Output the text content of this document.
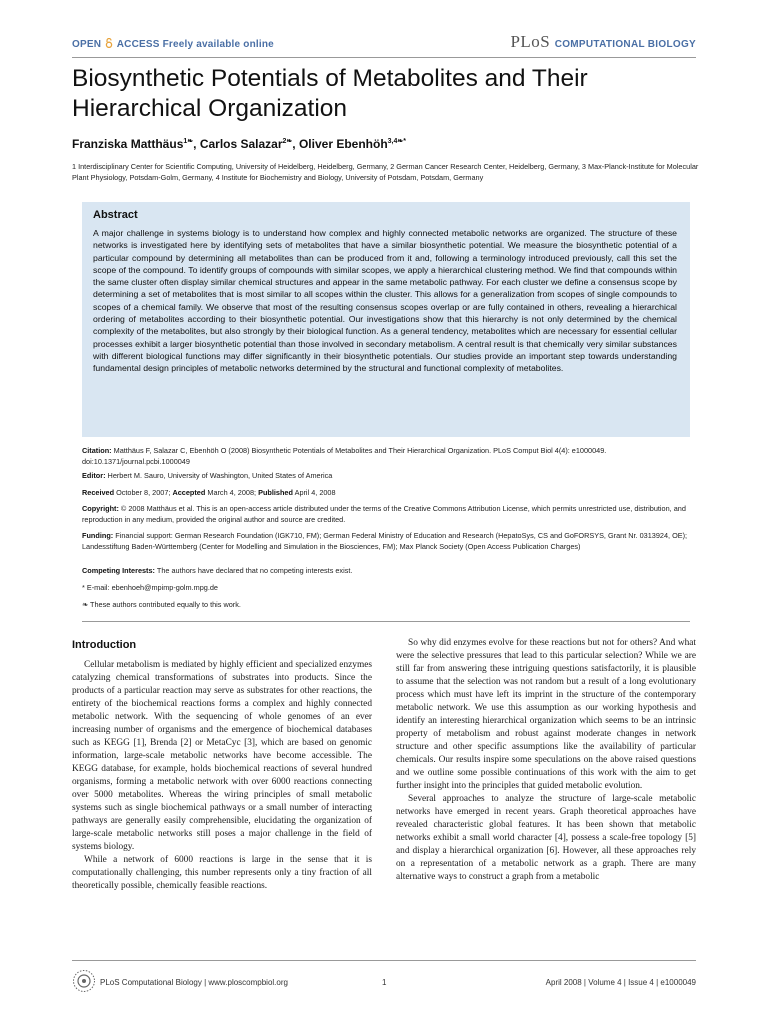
OPEN ACCESS Freely available online	PLoS COMPUTATIONAL BIOLOGY
Biosynthetic Potentials of Metabolites and Their Hierarchical Organization
Franziska Matthäus$^{1❧}$, Carlos Salazar$^{2❧}$, Oliver Ebenhöh$^{3,4❧*}$
1 Interdisciplinary Center for Scientific Computing, University of Heidelberg, Heidelberg, Germany, 2 German Cancer Research Center, Heidelberg, Germany, 3 Max-Planck-Institute for Molecular Plant Physiology, Potsdam-Golm, Germany, 4 Institute for Biochemistry and Biology, University of Potsdam, Potsdam, Germany
Abstract
A major challenge in systems biology is to understand how complex and highly connected metabolic networks are organized. The structure of these networks is investigated here by identifying sets of metabolites that have a similar biosynthetic potential. We measure the biosynthetic potential of a particular compound by determining all metabolites than can be produced from it and, following a terminology introduced previously, call this set the scope of the compound. To identify groups of compounds with similar scopes, we apply a hierarchical clustering method. We find that compounds within the same cluster often display similar chemical structures and appear in the same metabolic pathway. For each cluster we define a consensus scope by determining a set of metabolites that is most similar to all scopes within the cluster. This allows for a generalization from scopes of single compounds to scopes of a chemical family. We observe that most of the resulting consensus scopes overlap or are fully contained in others, revealing a hierarchical ordering of metabolites according to their biosynthetic potential. Our investigations show that this hierarchy is not only determined by the chemical complexity of the metabolites, but also strongly by their biological function. As a general tendency, metabolites which are necessary for essential cellular processes exhibit a larger biosynthetic potential than those involved in secondary metabolism. A central result is that chemically very similar substances with different biological functions may differ significantly in their biosynthetic potentials. Our studies provide an important step towards understanding fundamental design principles of metabolic networks determined by the structural and functional complexity of metabolites.
Citation: Matthäus F, Salazar C, Ebenhöh O (2008) Biosynthetic Potentials of Metabolites and Their Hierarchical Organization. PLoS Comput Biol 4(4): e1000049. doi:10.1371/journal.pcbi.1000049
Editor: Herbert M. Sauro, University of Washington, United States of America
Received October 8, 2007; Accepted March 4, 2008; Published April 4, 2008
Copyright: © 2008 Matthäus et al. This is an open-access article distributed under the terms of the Creative Commons Attribution License, which permits unrestricted use, distribution, and reproduction in any medium, provided the original author and source are credited.
Funding: Financial support: German Research Foundation (IGK710, FM); German Federal Ministry of Education and Research (HepatoSys, CS and GoFORSYS, Grant Nr. 0313924, OE); Landesstiftung Baden-Württemberg (Center for Modelling and Simulation in the Biosciences, FM); Max Planck Society (Open Access Publication Charges)
Competing Interests: The authors have declared that no competing interests exist.
* E-mail: ebenhoeh@mpimp-golm.mpg.de
❧ These authors contributed equally to this work.
Introduction

Cellular metabolism is mediated by highly efficient and specialized enzymes catalyzing chemical transformations of substrates into products. Since the products of a particular reaction may serve as substrates for other reactions, the entirety of the biochemical reactions forms a complex and highly connected metabolic network. With the sequencing of whole genomes of an ever increasing number of organisms and the emergence of biochemical databases such as KEGG [1], Brenda [2] or MetaCyc [3], which are based on genomic information, large-scale metabolic networks have become accessible. The KEGG database, for example, holds biochemical reactions of several hundred organisms, forming a metabolic network with over 6000 reactions connecting over 5000 metabolites. Whereas the wiring principles of small metabolic systems such as single biochemical pathways or a small number of interacting pathways are generally easily comprehensible, elucidating the organization of large-scale metabolic networks still poses a major challenge in the field of systems biology.

While a network of 6000 reactions is large in the sense that it is computationally challenging, this number represents only a tiny fraction of all theoretically possible, chemically feasible reactions.

So why did enzymes evolve for these reactions but not for others? And what were the selective pressures that lead to this particular selection? While we are still far from answering these intriguing questions satisfactorily, it is plausible to assume that the selection was not random but a result of a long evolutionary process which must have left its imprint in the structure of the contemporary metabolic network. We use this assumption as our working hypothesis and identify an interesting hierarchical organization which seems to be an intrinsic property of metabolism and robust against moderate changes in network structure and other specific assumptions like the availability of particular chemicals. Our results inspire some speculations on the above raised questions and we outline some possible continuations of this work with the aim to get further insight into the principles that guided metabolic evolution.

Several approaches to analyze the structure of large-scale metabolic networks have emerged in recent years. Graph theoretical approaches have revealed characteristic global features. It has been shown that metabolic networks exhibit a small world character [4], possess a scale-free topology [5] and display a hierarchical organization [6]. However, all these approaches rely on a representation of a metabolic network as a graph. There are many alternative ways to construct a graph from a metabolic

PLoS Computational Biology | www.ploscompbiol.org	1	April 2008 | Volume 4 | Issue 4 | e1000049
